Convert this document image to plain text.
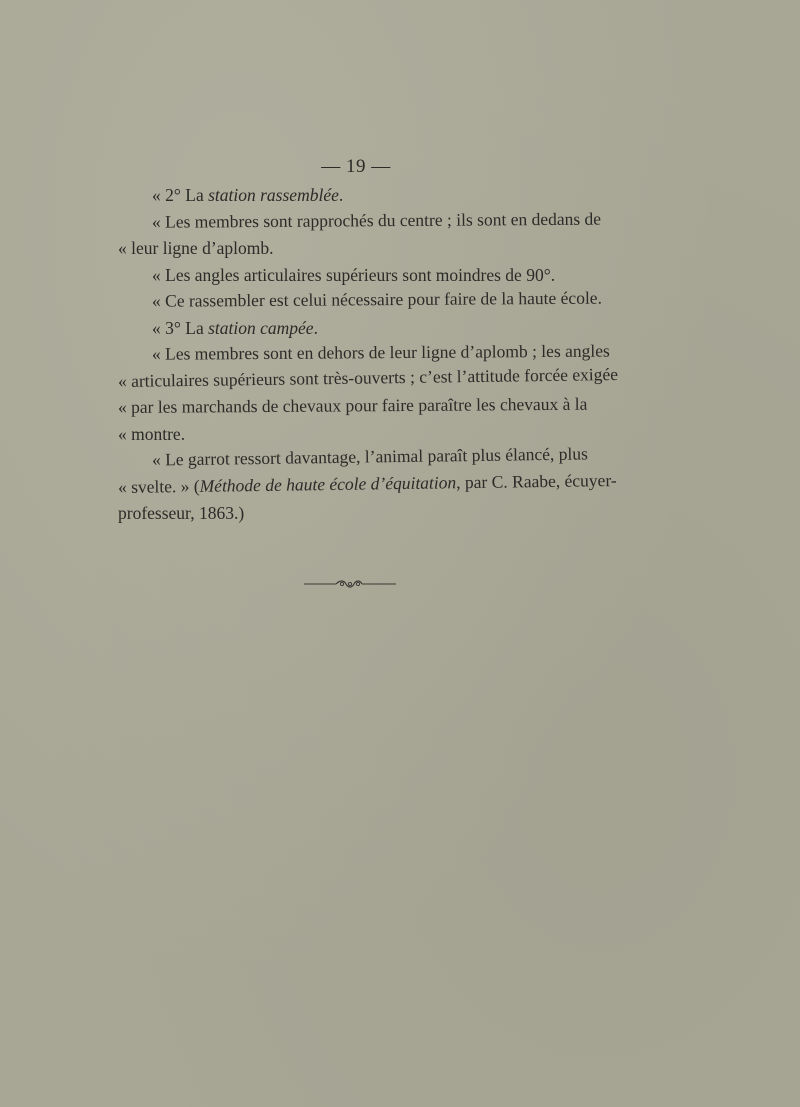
— 19 —
« 2° La station rassemblée.
« Les membres sont rapprochés du centre ; ils sont en dedans de
« leur ligne d’aplomb.
« Les angles articulaires supérieurs sont moindres de 90°.
« Ce rassembler est celui nécessaire pour faire de la haute école.
« 3° La station campée.
« Les membres sont en dehors de leur ligne d’aplomb ; les angles
« articulaires supérieurs sont très-ouverts ; c’est l’attitude forcée exigée
« par les marchands de chevaux pour faire paraître les chevaux à la
« montre.
« Le garrot ressort davantage, l’animal paraît plus élancé, plus
« svelte. » (Méthode de haute école d’équitation, par C. Raabe, écuyer-
professeur, 1863.)
